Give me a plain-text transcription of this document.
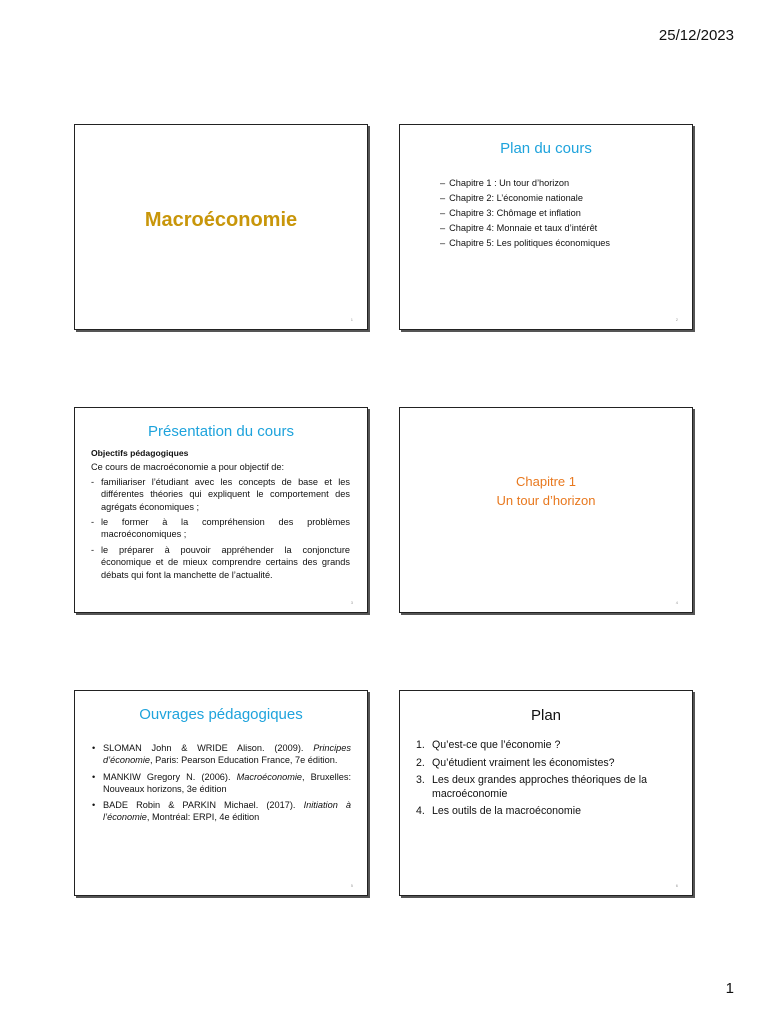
25/12/2023
Macroéconomie
1
Plan du cours
– Chapitre 1 : Un tour d’horizon
– Chapitre 2: L’économie nationale
– Chapitre 3: Chômage et inflation
– Chapitre 4: Monnaie et taux d’intérêt
– Chapitre 5: Les politiques économiques
2
Présentation du cours
Objectifs pédagogiques
Ce cours de macroéconomie a pour objectif de:
- familiariser l’étudiant avec les concepts de base et les différentes théories qui expliquent le comportement des agrégats économiques ;
- le former à la compréhension des problèmes macroéconomiques ;
- le préparer à pouvoir appréhender la conjoncture économique et de mieux comprendre certains des grands débats qui font la manchette de l’actualité.
3
Chapitre 1
Un tour d’horizon
4
Ouvrages pédagogiques
• SLOMAN John & WRIDE Alison. (2009). Principes d’économie, Paris: Pearson Education France, 7e édition.
• MANKIW Gregory N. (2006). Macroéconomie, Bruxelles: Nouveaux horizons, 3e édition
• BADE Robin & PARKIN Michael. (2017). Initiation à l’économie, Montréal: ERPI, 4e édition
5
Plan
1. Qu’est-ce que l’économie ?
2. Qu’étudient vraiment les économistes?
3. Les deux grandes approches théoriques de la macroéconomie
4. Les outils de la macroéconomie
6
1
